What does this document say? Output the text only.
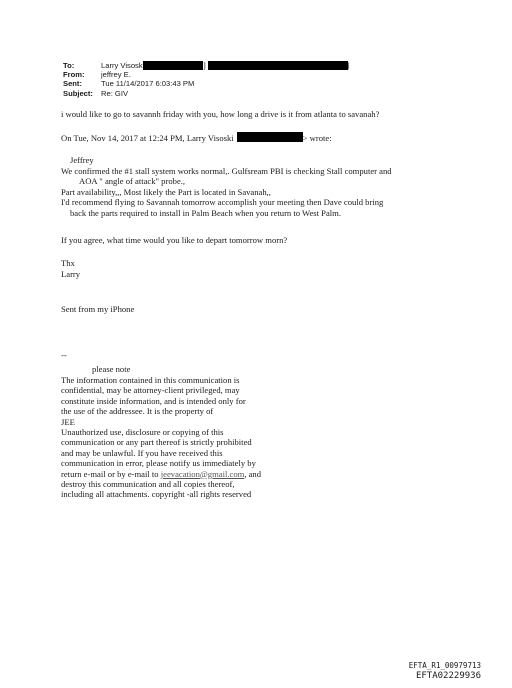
To:	Larry Visosk	]	|
From:	jeffrey E.
Sent:	Tue 11/14/2017 6:03:43 PM
Subject:	Re: GIV
i would like to go to savannh friday with you, how long a drive is it from atlanta to savanah?
On Tue, Nov 14, 2017 at 12:24 PM, Larry Visoski	> wrote:
Jeffrey
We confirmed the #1 stall system works normal,. Gulfsream PBI is checking Stall computer and
AOA " angle of attack" probe.,
Part availability,,, Most likely the Part is located in Savanah,,
I'd recommend flying to Savannah tomorrow accomplish your meeting then Dave could bring
back the parts required to install in Palm Beach when you return to West Palm.
If you agree, what time would you like to depart tomorrow morn?
Thx
Larry
Sent from my iPhone
--
please note
The information contained in this communication is
confidential, may be attorney-client privileged, may
constitute inside information, and is intended only for
the use of the addressee. It is the property of
JEE
Unauthorized use, disclosure or copying of this
communication or any part thereof is strictly prohibited
and may be unlawful. If you have received this
communication in error, please notify us immediately by
return e-mail or by e-mail to jeevacation@gmail.com, and
destroy this communication and all copies thereof,
including all attachments. copyright -all rights reserved
EFTA_R1_00979713
EFTA02229936
